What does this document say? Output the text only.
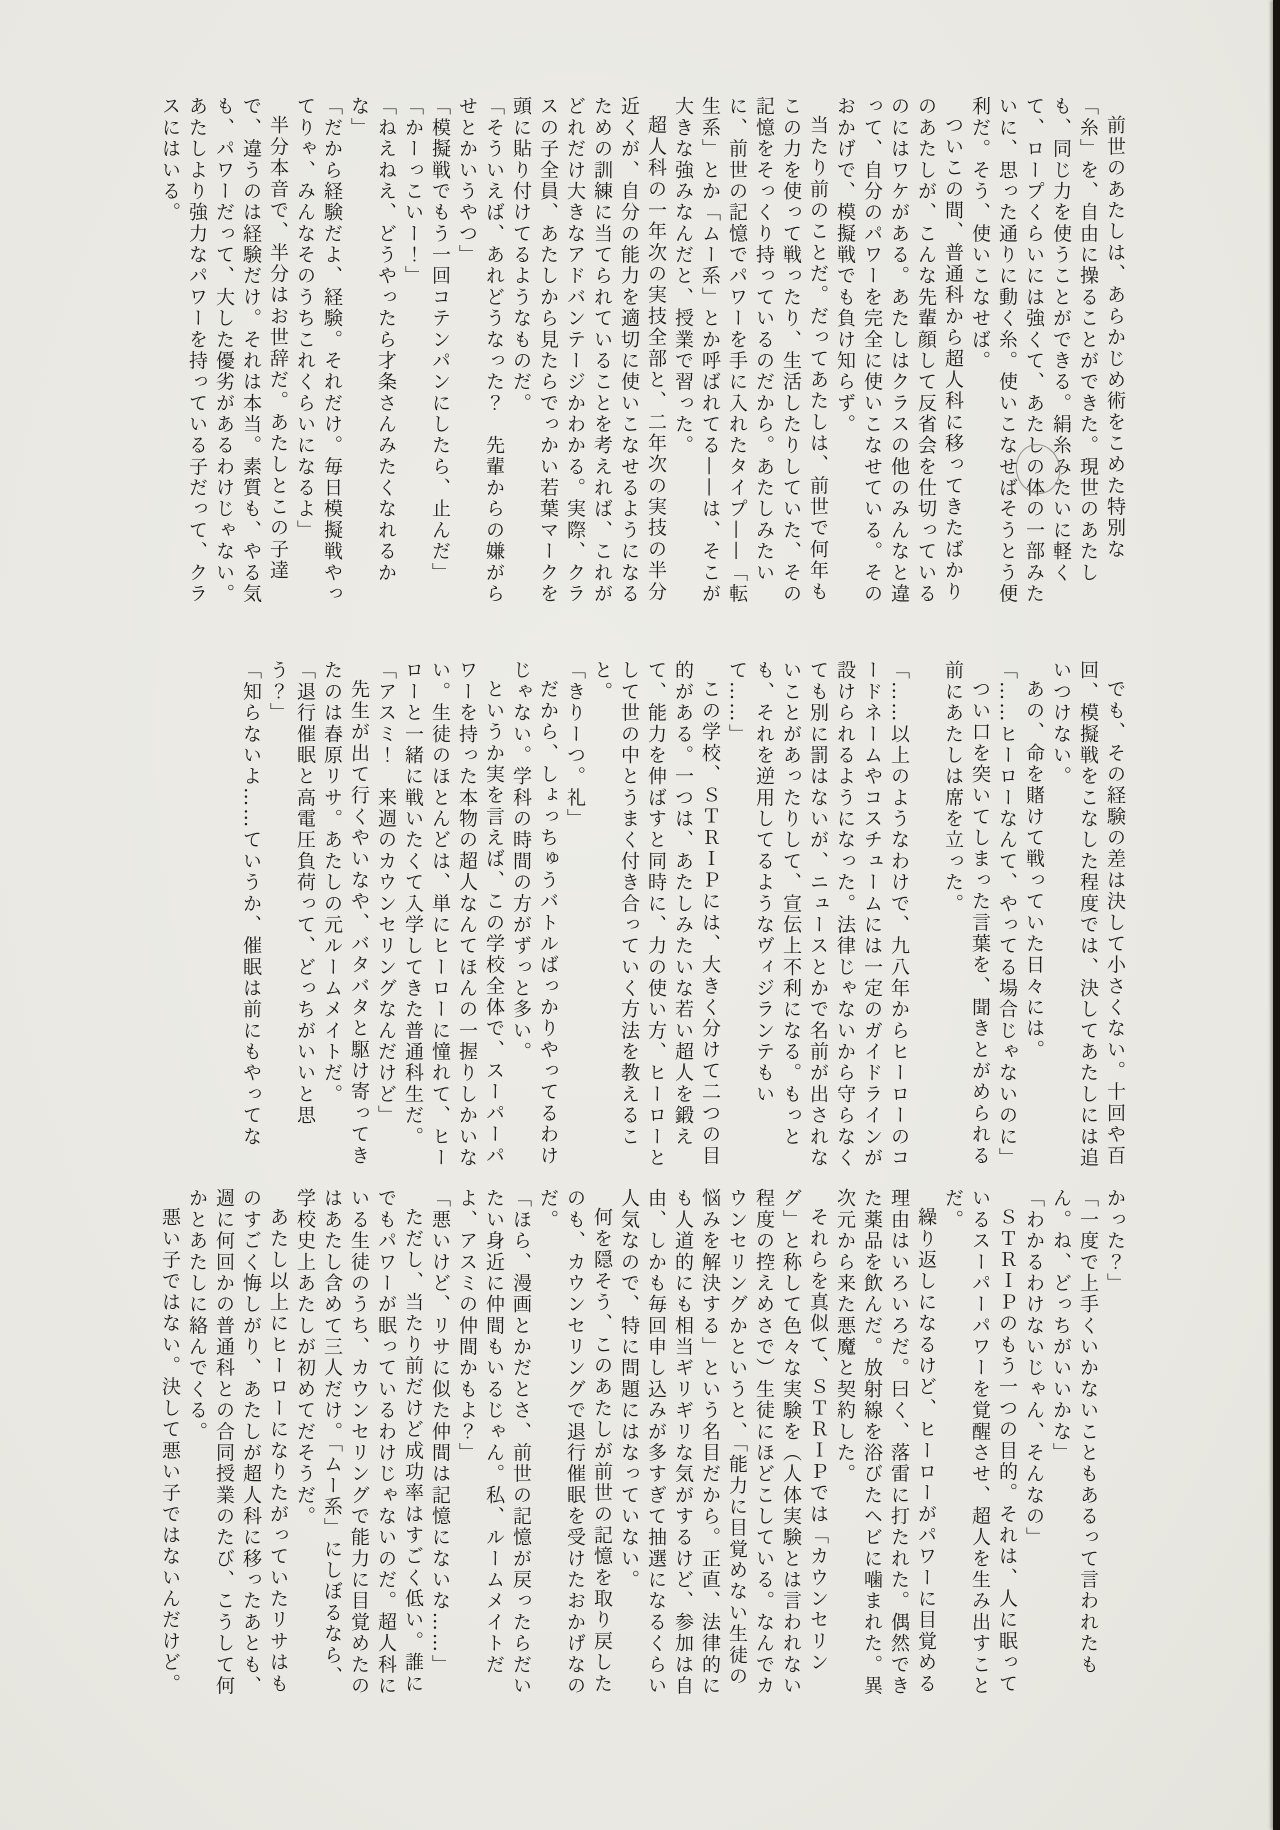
前世のあたしは、あらかじめ術をこめた特別な「糸」を、自由に操ることができた。現世のあたしも、同じ力を使うことができる。絹糸みたいに軽くて、ロープくらいには強くて、あたしの体の一部みたいに、思った通りに動く糸。使いこなせばそうとう便利だ。そう、使いこなせば。

ついこの間、普通科から超人科に移ってきたばかりのあたしが、こんな先輩顔して反省会を仕切っているのにはワケがある。あたしはクラスの他のみんなと違って、自分のパワーを完全に使いこなせている。そのおかげで、模擬戦でも負け知らず。

当たり前のことだ。だってあたしは、前世で何年もこの力を使って戦ったり、生活したりしていた、その記憶をそっくり持っているのだから。あたしみたいに、前世の記憶でパワーを手に入れたタイプ——「転生系」とか「ムー系」とか呼ばれてる——は、そこが大きな強みなんだと、授業で習った。

超人科の一年次の実技全部と、二年次の実技の半分近くが、自分の能力を適切に使いこなせるようになるための訓練に当てられていることを考えれば、これがどれだけ大きなアドバンテージかわかる。実際、クラスの子全員、あたしから見たらでっかい若葉マークを頭に貼り付けてるようなものだ。

「そういえば、あれどうなった？　先輩からの嫌がらせとかいうやつ」

「模擬戦でもう一回コテンパンにしたら、止んだ」

「かーっこいー！」

「ねえねえ、どうやったら才条さんみたくなれるかな」

「だから経験だよ、経験。それだけ。毎日模擬戦やってりゃ、みんなそのうちこれくらいになるよ」

半分本音で、半分はお世辞だ。あたしとこの子達で、違うのは経験だけ。それは本当。素質も、やる気も、パワーだって、大した優劣があるわけじゃない。あたしより強力なパワーを持っている子だって、クラスにはいる。

でも、その経験の差は決して小さくない。十回や百回、模擬戦をこなした程度では、決してあたしには追いつけない。

あの、命を賭けて戦っていた日々には。

「……ヒーローなんて、やってる場合じゃないのに」

つい口を突いてしまった言葉を、聞きとがめられる前にあたしは席を立った。

「……以上のようなわけで、九八年からヒーローのコードネームやコスチュームには一定のガイドラインが設けられるようになった。法律じゃないから守らなくても別に罰はないが、ニュースとかで名前が出されないことがあったりして、宣伝上不利になる。もっとも、それを逆用してるようなヴィジランテもいて……」

この学校、ＳＴＲＩＰには、大きく分けて二つの目的がある。一つは、あたしみたいな若い超人を鍛えて、能力を伸ばすと同時に、力の使い方、ヒーローとして世の中とうまく付き合っていく方法を教えること。

「きりーつ。礼」

だから、しょっちゅうバトルばっかりやってるわけじゃない。学科の時間の方がずっと多い。

というか実を言えば、この学校全体で、スーパーパワーを持った本物の超人なんてほんの一握りしかいない。生徒のほとんどは、単にヒーローに憧れて、ヒーローと一緒に戦いたくて入学してきた普通科生だ。

「アスミ！　来週のカウンセリングなんだけど」

先生が出て行くやいなや、バタバタと駆け寄ってきたのは春原リサ。あたしの元ルームメイトだ。

「退行催眠と高電圧負荷って、どっちがいいと思う？」

「知らないよ……ていうか、催眠は前にもやってな

かった？」

「一度で上手くいかないこともあるって言われたもん。ね、どっちがいいかな」

「わかるわけないじゃん、そんなの」

ＳＴＲＩＰのもう一つの目的。それは、人に眠っているスーパーパワーを覚醒させ、超人を生み出すことだ。

繰り返しになるけど、ヒーローがパワーに目覚める理由はいろいろだ。曰く、落雷に打たれた。偶然できた薬品を飲んだ。放射線を浴びたヘビに噛まれた。異次元から来た悪魔と契約した。

それらを真似て、ＳＴＲＩＰでは「カウンセリング」と称して色々な実験を（人体実験とは言われない程度の控えめさで）生徒にほどこしている。なんでカウンセリングかというと、「能力に目覚めない生徒の悩みを解決する」という名目だから。正直、法律的にも人道的にも相当ギリギリな気がするけど、参加は自由、しかも毎回申し込みが多すぎて抽選になるくらい人気なので、特に問題にはなっていない。

何を隠そう、このあたしが前世の記憶を取り戻したのも、カウンセリングで退行催眠を受けたおかげなのだ。

「ほら、漫画とかだとさ、前世の記憶が戻ったらだいたい身近に仲間もいるじゃん。私、ルームメイトだよ、アスミの仲間かもよ？」

「悪いけど、リサに似た仲間は記憶にないな……」

ただし、当たり前だけど成功率はすごく低い。誰にでもパワーが眠っているわけじゃないのだ。超人科にいる生徒のうち、カウンセリングで能力に目覚めたのはあたし含めて三人だけ。「ムー系」にしぼるなら、学校史上あたしが初めてだそうだ。

あたし以上にヒーローになりたがっていたリサはものすごく悔しがり、あたしが超人科に移ったあとも、週に何回かの普通科との合同授業のたび、こうして何かとあたしに絡んでくる。

悪い子ではない。決して悪い子ではないんだけど。
